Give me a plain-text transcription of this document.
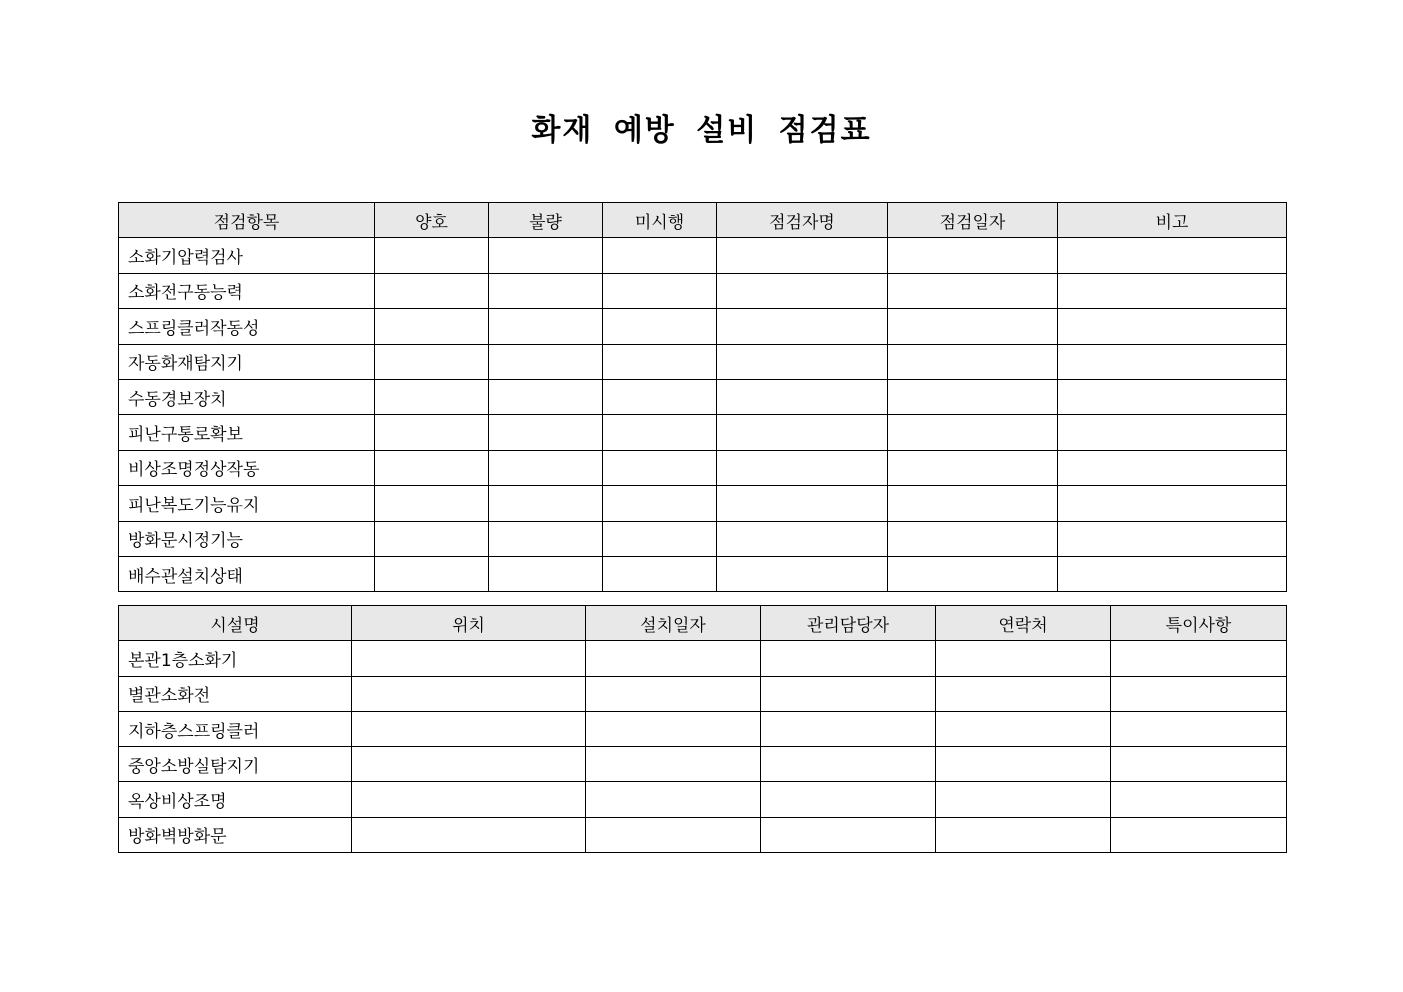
화재 예방 설비 점검표
점검항목	양호	불량	미시행	점검자명	점검일자	비고
소화기압력검사						
소화전구동능력						
스프링클러작동성						
자동화재탐지기						
수동경보장치						
피난구통로확보						
비상조명정상작동						
피난복도기능유지						
방화문시정기능						
배수관설치상태						
시설명	위치	설치일자	관리담당자	연락처	특이사항
본관1층소화기					
별관소화전					
지하층스프링클러					
중앙소방실탐지기					
옥상비상조명					
방화벽방화문					
